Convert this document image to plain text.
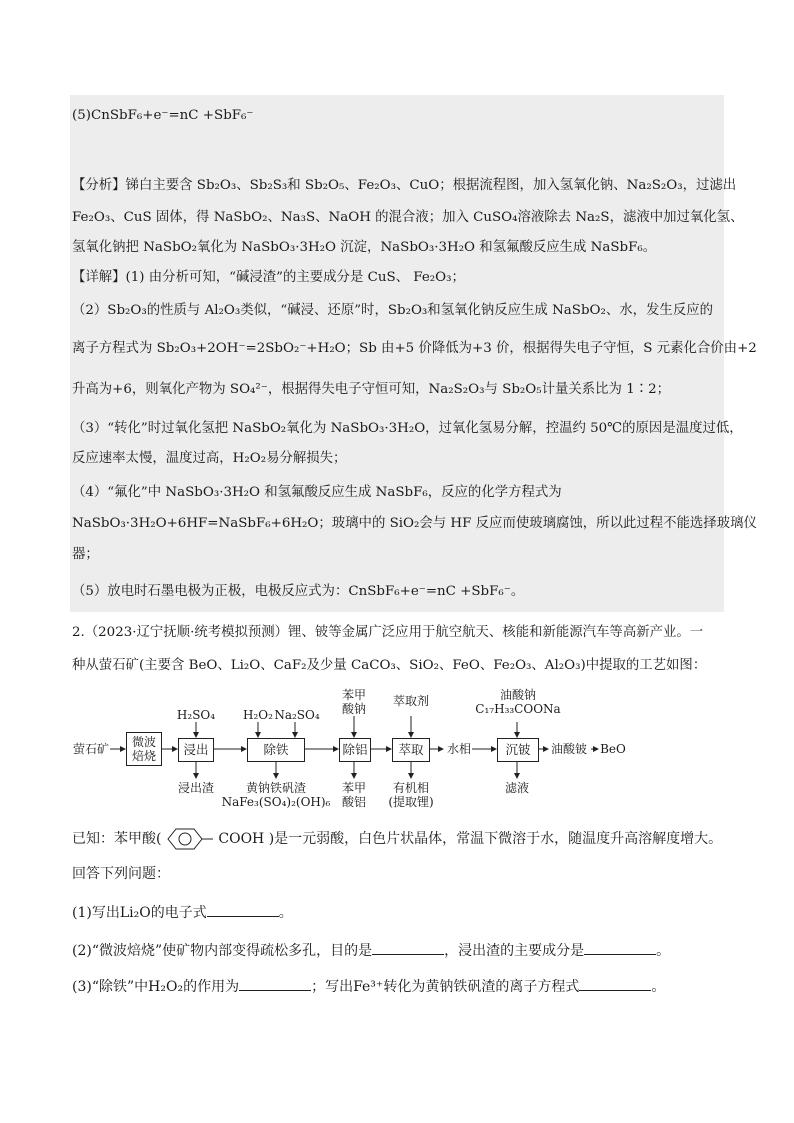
(5)CnSbF₆+e⁻=nC +SbF₆⁻
【分析】锑白主要含 Sb₂O₃、Sb₂S₃和 Sb₂O₅、Fe₂O₃、CuO；根据流程图，加入氢氧化钠、Na₂S₂O₃，过滤出
Fe₂O₃、CuS 固体，得 NaSbO₂、Na₃S、NaOH 的混合液；加入 CuSO₄溶液除去 Na₂S，滤液中加过氧化氢、
氢氧化钠把 NaSbO₂氧化为 NaSbO₃·3H₂O 沉淀，NaSbO₃·3H₂O 和氢氟酸反应生成 NaSbF₆。
【详解】(1) 由分析可知，“碱浸渣”的主要成分是 CuS、 Fe₂O₃；
（2）Sb₂O₃的性质与 Al₂O₃类似，“碱浸、还原”时，Sb₂O₃和氢氧化钠反应生成 NaSbO₂、水，发生反应的
离子方程式为 Sb₂O₃+2OH⁻=2SbO₂⁻+H₂O；Sb 由+5 价降低为+3 价，根据得失电子守恒，S 元素化合价由+2
升高为+6，则氧化产物为 SO₄²⁻，根据得失电子守恒可知，Na₂S₂O₃与 Sb₂O₅计量关系比为 1∶2；
（3）“转化”时过氧化氢把 NaSbO₂氧化为 NaSbO₃·3H₂O，过氧化氢易分解，控温约 50℃的原因是温度过低，
反应速率太慢，温度过高，H₂O₂易分解损失；
（4）“氟化”中 NaSbO₃·3H₂O 和氢氟酸反应生成 NaSbF₆，反应的化学方程式为
NaSbO₃·3H₂O+6HF=NaSbF₆+6H₂O；玻璃中的 SiO₂会与 HF 反应而使玻璃腐蚀，所以此过程不能选择玻璃仪
器；
（5）放电时石墨电极为正极，电极反应式为：CnSbF₆+e⁻=nC +SbF₆⁻。
2.（2023·辽宁抚顺·统考模拟预测）锂、铍等金属广泛应用于航空航天、核能和新能源汽车等高新产业。一
种从萤石矿(主要含 BeO、Li₂O、CaF₂及少量 CaCO₃、SiO₂、FeO、Fe₂O₃、Al₂O₃)中提取的工艺如图：
萤石矿	微波焙烧	浸出	除铁	除铝	萃取	沉铍
H₂SO₄	H₂O₂ Na₂SO₄
苯甲酸钠
萃取剂	油酸钠
C₁₇H₃₃COONa
浸出渣	黄钠铁矾渣
NaFe₃(SO₄)₂(OH)₆
苯甲酸铝
有机相
(提取锂)
滤液
水相	油酸铍	BeO
已知：苯甲酸(	COOH )是一元弱酸，白色片状晶体，常温下微溶于水，随温度升高溶解度增大。
回答下列问题：
(1)写出Li₂O的电子式	。
(2)“微波焙烧”使矿物内部变得疏松多孔，目的是	，浸出渣的主要成分是	。
(3)“除铁”中H₂O₂的作用为	；写出Fe³⁺转化为黄钠铁矾渣的离子方程式	。
